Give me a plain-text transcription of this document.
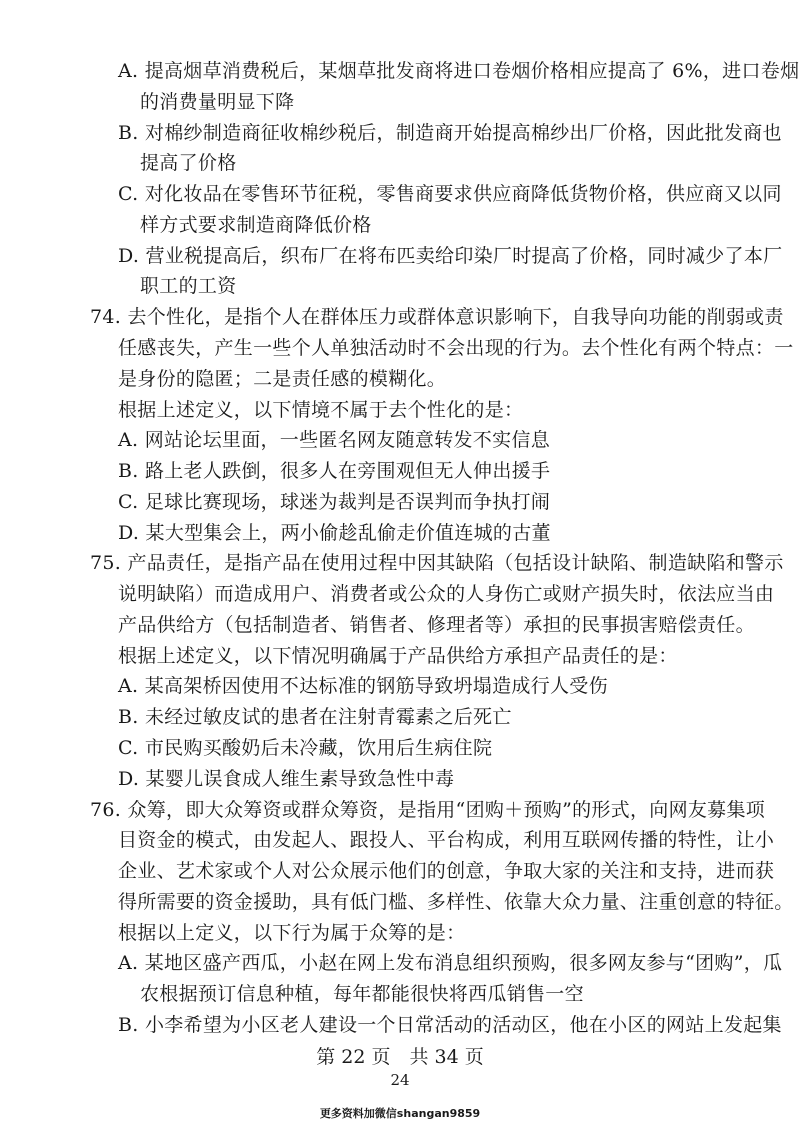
A. 提高烟草消费税后，某烟草批发商将进口卷烟价格相应提高了 6%，进口卷烟
的消费量明显下降
B. 对棉纱制造商征收棉纱税后，制造商开始提高棉纱出厂价格，因此批发商也
提高了价格
C. 对化妆品在零售环节征税，零售商要求供应商降低货物价格，供应商又以同
样方式要求制造商降低价格
D. 营业税提高后，织布厂在将布匹卖给印染厂时提高了价格，同时减少了本厂
职工的工资
74. 去个性化，是指个人在群体压力或群体意识影响下，自我导向功能的削弱或责
任感丧失，产生一些个人单独活动时不会出现的行为。去个性化有两个特点：一
是身份的隐匿；二是责任感的模糊化。
根据上述定义，以下情境不属于去个性化的是：
A. 网站论坛里面，一些匿名网友随意转发不实信息
B. 路上老人跌倒，很多人在旁围观但无人伸出援手
C. 足球比赛现场，球迷为裁判是否误判而争执打闹
D. 某大型集会上，两小偷趁乱偷走价值连城的古董
75. 产品责任，是指产品在使用过程中因其缺陷（包括设计缺陷、制造缺陷和警示
说明缺陷）而造成用户、消费者或公众的人身伤亡或财产损失时，依法应当由
产品供给方（包括制造者、销售者、修理者等）承担的民事损害赔偿责任。
根据上述定义，以下情况明确属于产品供给方承担产品责任的是：
A. 某高架桥因使用不达标准的钢筋导致坍塌造成行人受伤
B. 未经过敏皮试的患者在注射青霉素之后死亡
C. 市民购买酸奶后未冷藏，饮用后生病住院
D. 某婴儿误食成人维生素导致急性中毒
76. 众筹，即大众筹资或群众筹资，是指用“团购＋预购”的形式，向网友募集项
目资金的模式，由发起人、跟投人、平台构成，利用互联网传播的特性，让小
企业、艺术家或个人对公众展示他们的创意，争取大家的关注和支持，进而获
得所需要的资金援助，具有低门槛、多样性、依靠大众力量、注重创意的特征。
根据以上定义，以下行为属于众筹的是：
A. 某地区盛产西瓜，小赵在网上发布消息组织预购，很多网友参与“团购”，瓜
农根据预订信息种植，每年都能很快将西瓜销售一空
B. 小李希望为小区老人建设一个日常活动的活动区，他在小区的网站上发起集
第 22 页　共 34 页
24
更多资料加微信shangan9859
